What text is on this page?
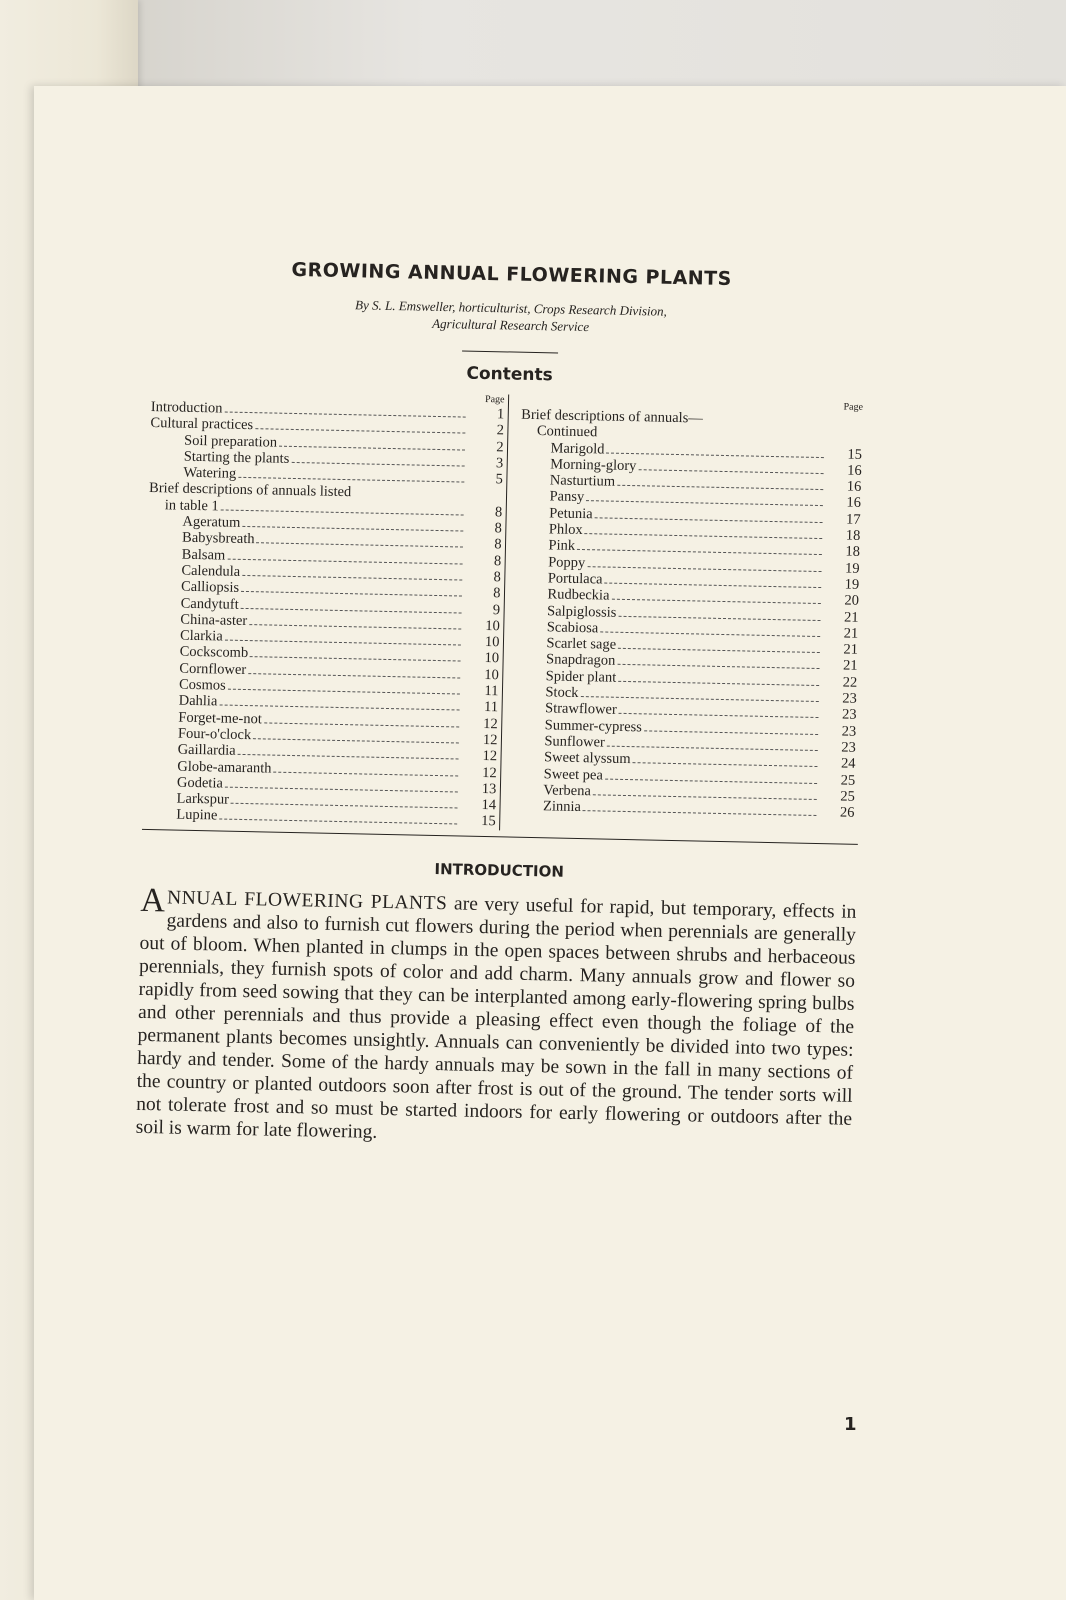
GROWING ANNUAL FLOWERING PLANTS
By S. L. Emsweller, horticulturist, Crops Research Division,
Agricultural Research Service
Contents
Page
Introduction	1
Cultural practices	2
Soil preparation	2
Starting the plants	3
Watering	5
Brief descriptions of annuals listed
in table 1	8
Ageratum	8
Babysbreath	8
Balsam	8
Calendula	8
Calliopsis	8
Candytuft	9
China-aster	10
Clarkia	10
Cockscomb	10
Cornflower	10
Cosmos	11
Dahlia	11
Forget-me-not	12
Four-o'clock	12
Gaillardia	12
Globe-amaranth	12
Godetia	13
Larkspur	14
Lupine	15
Page
Brief descriptions of annuals—
Continued
Marigold	15
Morning-glory	16
Nasturtium	16
Pansy	16
Petunia	17
Phlox	18
Pink	18
Poppy	19
Portulaca	19
Rudbeckia	20
Salpiglossis	21
Scabiosa	21
Scarlet sage	21
Snapdragon	21
Spider plant	22
Stock	23
Strawflower	23
Summer-cypress	23
Sunflower	23
Sweet alyssum	24
Sweet pea	25
Verbena	25
Zinnia	26
INTRODUCTION
ANNUAL FLOWERING PLANTS are very useful for rapid, but temporary, effects in gardens and also to furnish cut flowers during the period when perennials are generally out of bloom. When planted in clumps in the open spaces between shrubs and herbaceous perennials, they furnish spots of color and add charm. Many annuals grow and flower so rapidly from seed sowing that they can be interplanted among early-flowering spring bulbs and other perennials and thus provide a pleasing effect even though the foliage of the permanent plants becomes unsightly. Annuals can conveniently be divided into two types: hardy and tender. Some of the hardy annuals may be sown in the fall in many sections of the country or planted outdoors soon after frost is out of the ground. The tender sorts will not tolerate frost and so must be started indoors for early flowering or outdoors after the soil is warm for late flowering.
1
